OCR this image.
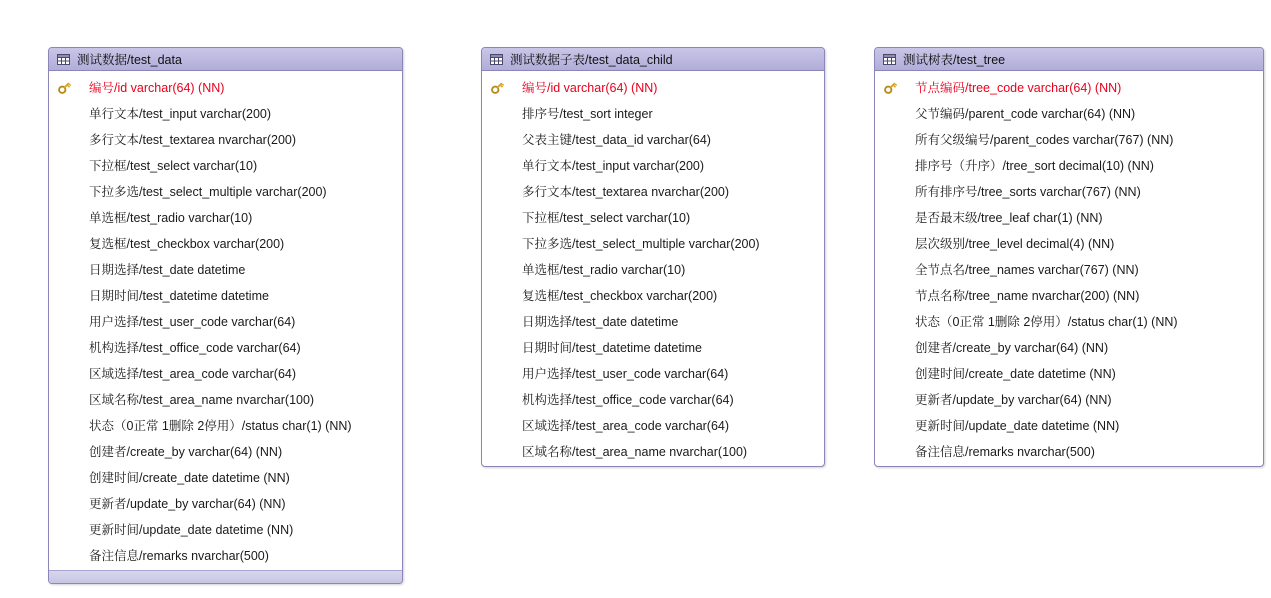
测试数据/test_data
编号/id varchar(64) (NN)
单行文本/test_input varchar(200)
多行文本/test_textarea nvarchar(200)
下拉框/test_select varchar(10)
下拉多选/test_select_multiple varchar(200)
单选框/test_radio varchar(10)
复选框/test_checkbox varchar(200)
日期选择/test_date datetime
日期时间/test_datetime datetime
用户选择/test_user_code varchar(64)
机构选择/test_office_code varchar(64)
区域选择/test_area_code varchar(64)
区域名称/test_area_name nvarchar(100)
状态（0正常 1删除 2停用）/status char(1) (NN)
创建者/create_by varchar(64) (NN)
创建时间/create_date datetime (NN)
更新者/update_by varchar(64) (NN)
更新时间/update_date datetime (NN)
备注信息/remarks nvarchar(500)
测试数据子表/test_data_child
编号/id varchar(64) (NN)
排序号/test_sort integer
父表主键/test_data_id varchar(64)
单行文本/test_input varchar(200)
多行文本/test_textarea nvarchar(200)
下拉框/test_select varchar(10)
下拉多选/test_select_multiple varchar(200)
单选框/test_radio varchar(10)
复选框/test_checkbox varchar(200)
日期选择/test_date datetime
日期时间/test_datetime datetime
用户选择/test_user_code varchar(64)
机构选择/test_office_code varchar(64)
区域选择/test_area_code varchar(64)
区域名称/test_area_name nvarchar(100)
测试树表/test_tree
节点编码/tree_code varchar(64) (NN)
父节编码/parent_code varchar(64) (NN)
所有父级编号/parent_codes varchar(767) (NN)
排序号（升序）/tree_sort decimal(10) (NN)
所有排序号/tree_sorts varchar(767) (NN)
是否最末级/tree_leaf char(1) (NN)
层次级别/tree_level decimal(4) (NN)
全节点名/tree_names varchar(767) (NN)
节点名称/tree_name nvarchar(200) (NN)
状态（0正常 1删除 2停用）/status char(1) (NN)
创建者/create_by varchar(64) (NN)
创建时间/create_date datetime (NN)
更新者/update_by varchar(64) (NN)
更新时间/update_date datetime (NN)
备注信息/remarks nvarchar(500)
